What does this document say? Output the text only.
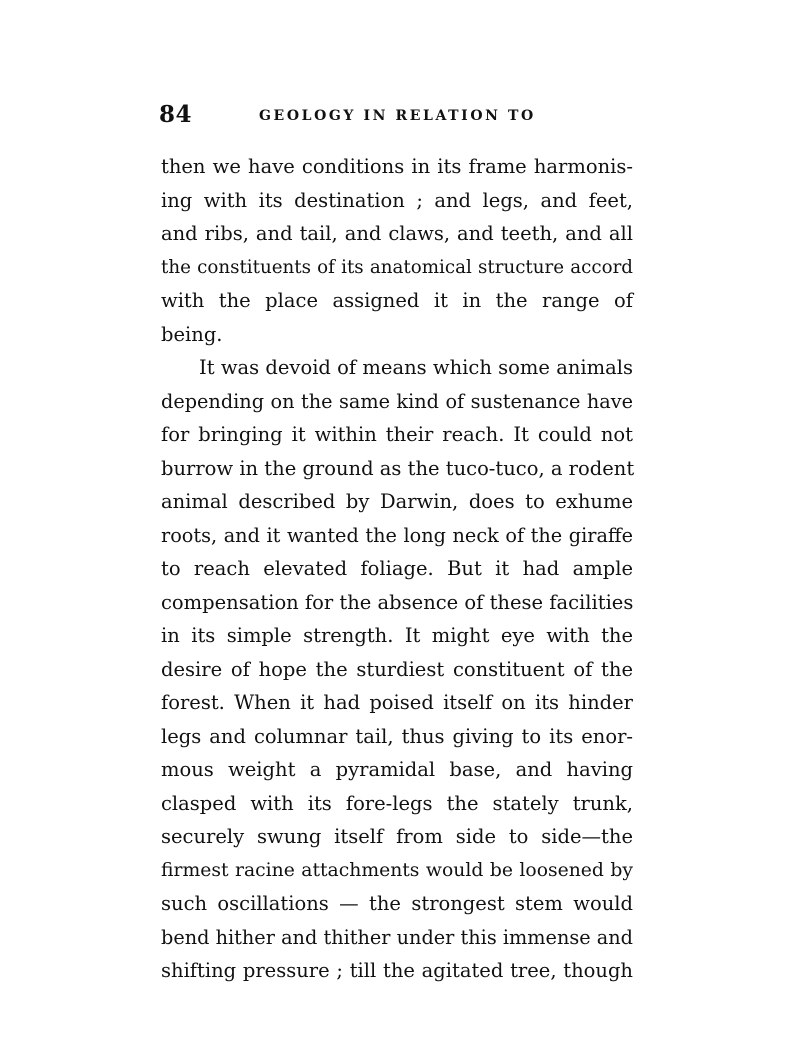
84	GEOLOGY IN RELATION TO
then we have conditions in its frame harmonis-
ing with its destination ; and legs, and feet,
and ribs, and tail, and claws, and teeth, and all
the constituents of its anatomical structure accord
with the place assigned it in the range of
being.
It was devoid of means which some animals
depending on the same kind of sustenance have
for bringing it within their reach. It could not
burrow in the ground as the tuco-tuco, a rodent
animal described by Darwin, does to exhume
roots, and it wanted the long neck of the giraffe
to reach elevated foliage. But it had ample
compensation for the absence of these facilities
in its simple strength. It might eye with the
desire of hope the sturdiest constituent of the
forest. When it had poised itself on its hinder
legs and columnar tail, thus giving to its enor-
mous weight a pyramidal base, and having
clasped with its fore-legs the stately trunk,
securely swung itself from side to side—the
firmest racine attachments would be loosened by
such oscillations — the strongest stem would
bend hither and thither under this immense and
shifting pressure ; till the agitated tree, though
